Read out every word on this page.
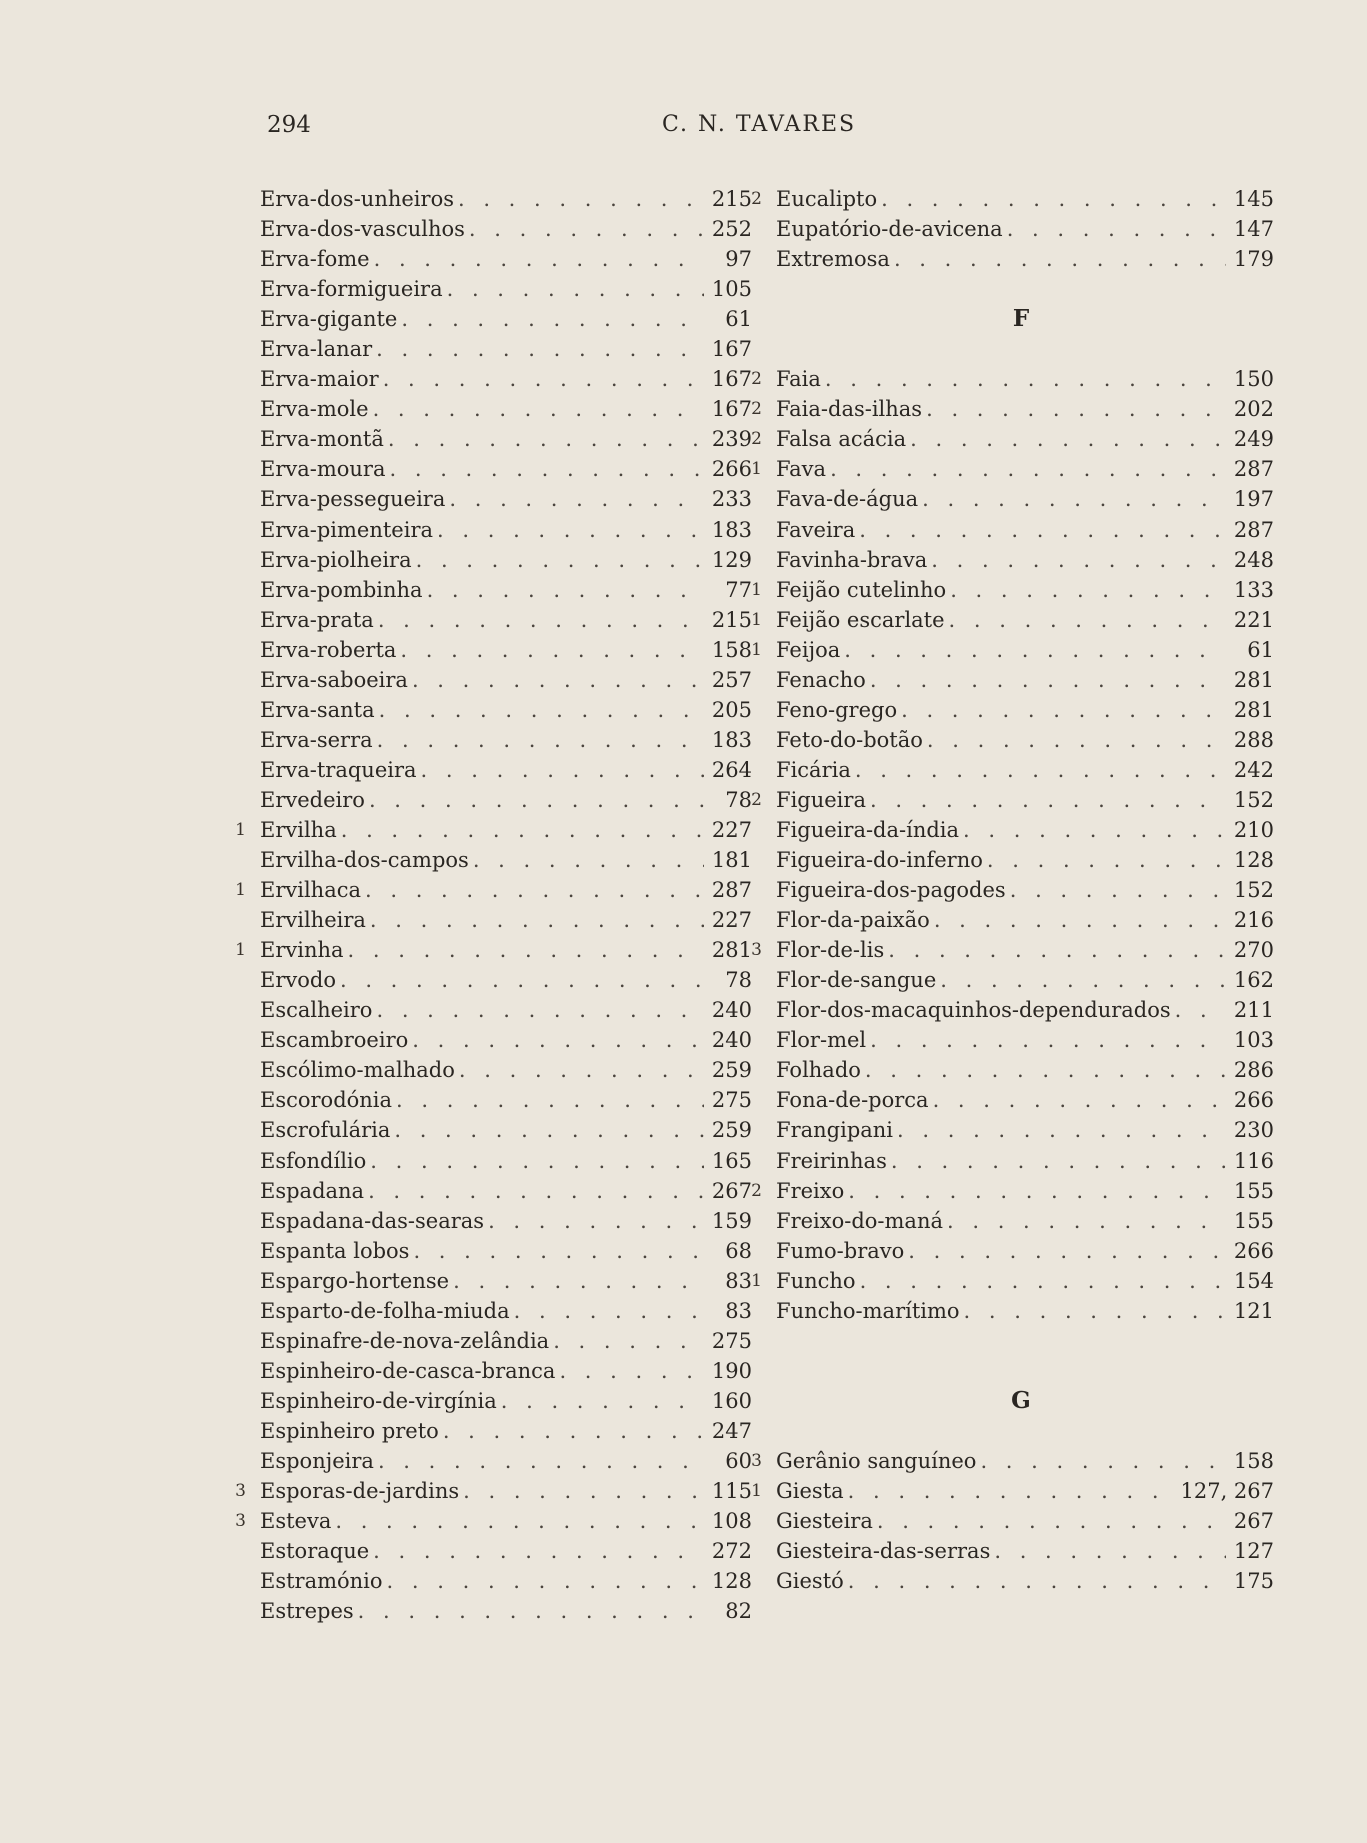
294	C. N. TAVARES
Erva-dos-unheiros . . .	215
Erva-dos-vasculhos . . .	252
Erva-fome . . .	97
Erva-formigueira . . .	105
Erva-gigante . . .	61
Erva-lanar . . .	167
Erva-maior . . .	167
Erva-mole . . .	167
Erva-montã . . .	239
Erva-moura . . .	266
Erva-pessegueira . . .	233
Erva-pimenteira . . .	183
Erva-piolheira . . .	129
Erva-pombinha . . .	77
Erva-prata . . .	215
Erva-roberta . . .	158
Erva-saboeira . . .	257
Erva-santa . . .	205
Erva-serra . . .	183
Erva-traqueira . . .	264
Ervedeiro . . .	78
1 Ervilha . . .	227
Ervilha-dos-campos . . .	181
1 Ervilhaca . . .	287
Ervilheira . . .	227
1 Ervinha . . .	281
Ervodo . . .	78
Escalheiro . . .	240
Escambroeiro . . .	240
Escólimo-malhado . . .	259
Escorodónia . . .	275
Escrofulária . . .	259
Esfondílio . . .	165
Espadana . . .	267
Espadana-das-searas . . .	159
Espanta lobos . . .	68
Espargo-hortense . . .	83
Esparto-de-folha-miuda . . .	83
Espinafre-de-nova-zelândia . . .	275
Espinheiro-de-casca-branca . . .	190
Espinheiro-de-virgínia . . .	160
Espinheiro preto . . .	247
Esponjeira . . .	60
3 Esporas-de-jardins . . .	115
3 Esteva . . .	108
Estoraque . . .	272
Estramónio . . .	128
Estrepes . . .	82
2 Eucalipto . . .	145
Eupatório-de-avicena . . .	147
Extremosa . . .	179
F
2 Faia . . .	150
2 Faia-das-ilhas . . .	202
2 Falsa acácia . . .	249
1 Fava . . .	287
Fava-de-água . . .	197
Faveira . . .	287
Favinha-brava . . .	248
1 Feijão cutelinho . . .	133
1 Feijão escarlate . . .	221
1 Feijoa . . .	61
Fenacho . . .	281
Feno-grego . . .	281
Feto-do-botão . . .	288
Ficária . . .	242
2 Figueira . . .	152
Figueira-da-índia . . .	210
Figueira-do-inferno . . .	128
Figueira-dos-pagodes . . .	152
Flor-da-paixão . . .	216
3 Flor-de-lis . . .	270
Flor-de-sangue . . .	162
Flor-dos-macaquinhos-dependurados . . .	211
Flor-mel . . .	103
Folhado . . .	286
Fona-de-porca . . .	266
Frangipani . . .	230
Freirinhas . . .	116
2 Freixo . . .	155
Freixo-do-maná . . .	155
Fumo-bravo . . .	266
1 Funcho . . .	154
Funcho-marítimo . . .	121
G
3 Gerânio sanguíneo . . .	158
1 Giesta . . .	127, 267
Giesteira . . .	267
Giesteira-das-serras . . .	127
Giestó . . .	175
